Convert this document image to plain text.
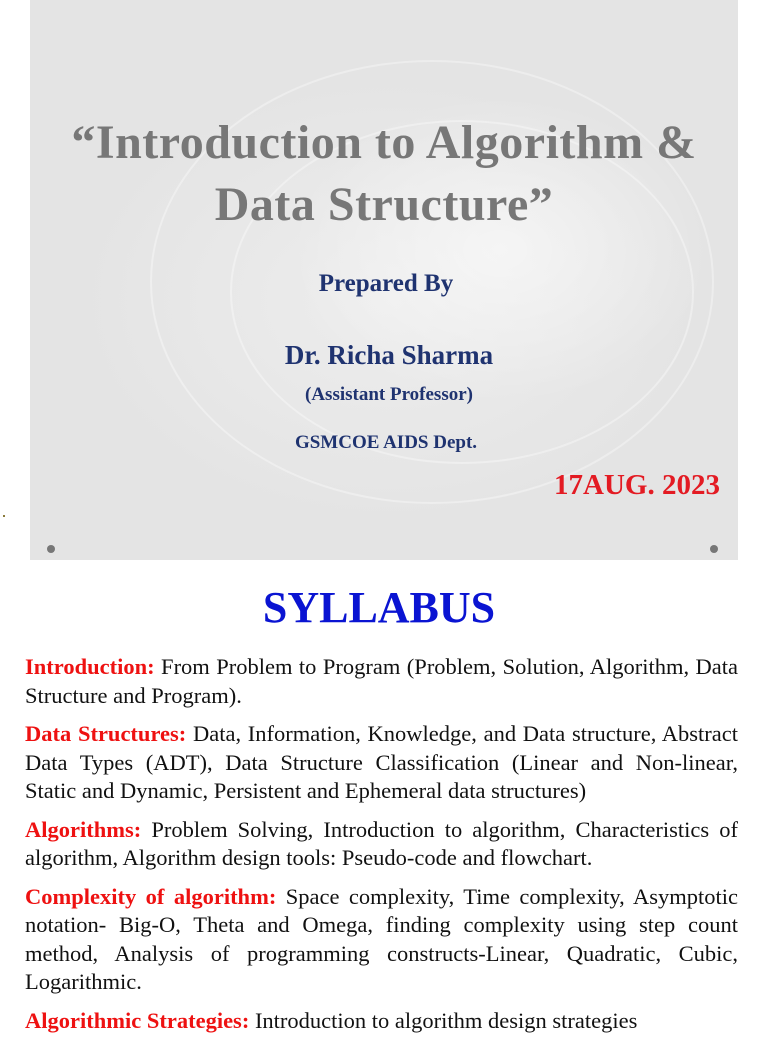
“Introduction to Algorithm &
Data Structure”
Prepared By
Dr. Richa Sharma
(Assistant Professor)
GSMCOE AIDS Dept.
17AUG. 2023
SYLLABUS

Introduction: From Problem to Program (Problem, Solution, Algorithm, Data Structure and Program).

Data Structures: Data, Information, Knowledge, and Data structure, Abstract Data Types (ADT), Data Structure Classification (Linear and Non-linear, Static and Dynamic, Persistent and Ephemeral data structures)

Algorithms: Problem Solving, Introduction to algorithm, Characteristics of algorithm, Algorithm design tools: Pseudo-code and flowchart.

Complexity of algorithm: Space complexity, Time complexity, Asymptotic notation- Big-O, Theta and Omega, finding complexity using step count method, Analysis of programming constructs-Linear, Quadratic, Cubic, Logarithmic.

Algorithmic Strategies: Introduction to algorithm design strategies
